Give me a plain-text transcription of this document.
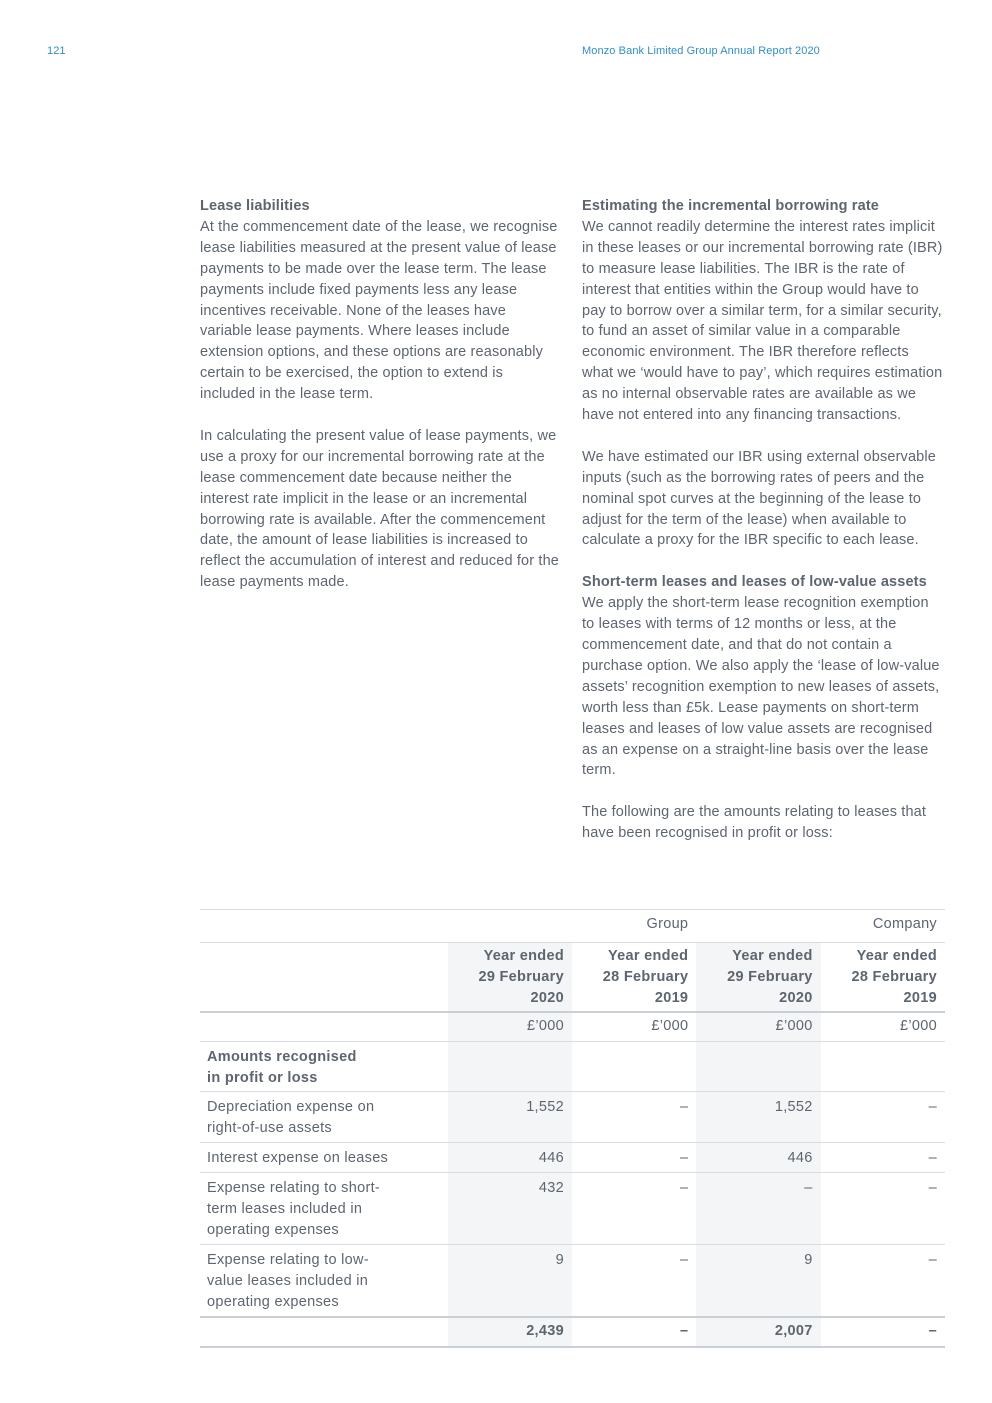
121	Monzo Bank Limited Group Annual Report 2020
Lease liabilities

At the commencement date of the lease, we recognise lease liabilities measured at the present value of lease payments to be made over the lease term. The lease payments include fixed payments less any lease incentives receivable. None of the leases have variable lease payments. Where leases include extension options, and these options are reasonably certain to be exercised, the option to extend is included in the lease term.

In calculating the present value of lease payments, we use a proxy for our incremental borrowing rate at the lease commencement date because neither the interest rate implicit in the lease or an incremental borrowing rate is available. After the commencement date, the amount of lease liabilities is increased to reflect the accumulation of interest and reduced for the lease payments made.

Estimating the incremental borrowing rate

We cannot readily determine the interest rates implicit in these leases or our incremental borrowing rate (IBR) to measure lease liabilities. The IBR is the rate of interest that entities within the Group would have to pay to borrow over a similar term, for a similar security, to fund an asset of similar value in a comparable economic environment. The IBR therefore reflects what we ‘would have to pay’, which requires estimation as no internal observable rates are available as we have not entered into any financing transactions.

We have estimated our IBR using external observable inputs (such as the borrowing rates of peers and the nominal spot curves at the beginning of the lease to adjust for the term of the lease) when available to calculate a proxy for the IBR specific to each lease.

Short-term leases and leases of low-value assets

We apply the short-term lease recognition exemption to leases with terms of 12 months or less, at the commencement date, and that do not contain a purchase option. We also apply the ‘lease of low-value assets’ recognition exemption to new leases of assets, worth less than £5k. Lease payments on short-term leases and leases of low value assets are recognised as an expense on a straight-line basis over the lease term.

The following are the amounts relating to leases that have been recognised in profit or loss:

		Group		Company
	Year ended
29 February
2020	Year ended
28 February
2019	Year ended
29 February
2020	Year ended
28 February
2019
	£’000	£’000	£’000	£’000
Amounts recognised
in profit or loss				
Depreciation expense on
right-of-use assets	1,552	–	1,552	–
Interest expense on leases	446	–	446	–
Expense relating to short-
term leases included in
operating expenses	432	–	–	–
Expense relating to low-
value leases included in
operating expenses	9	–	9	–
	2,439	–	2,007	–
